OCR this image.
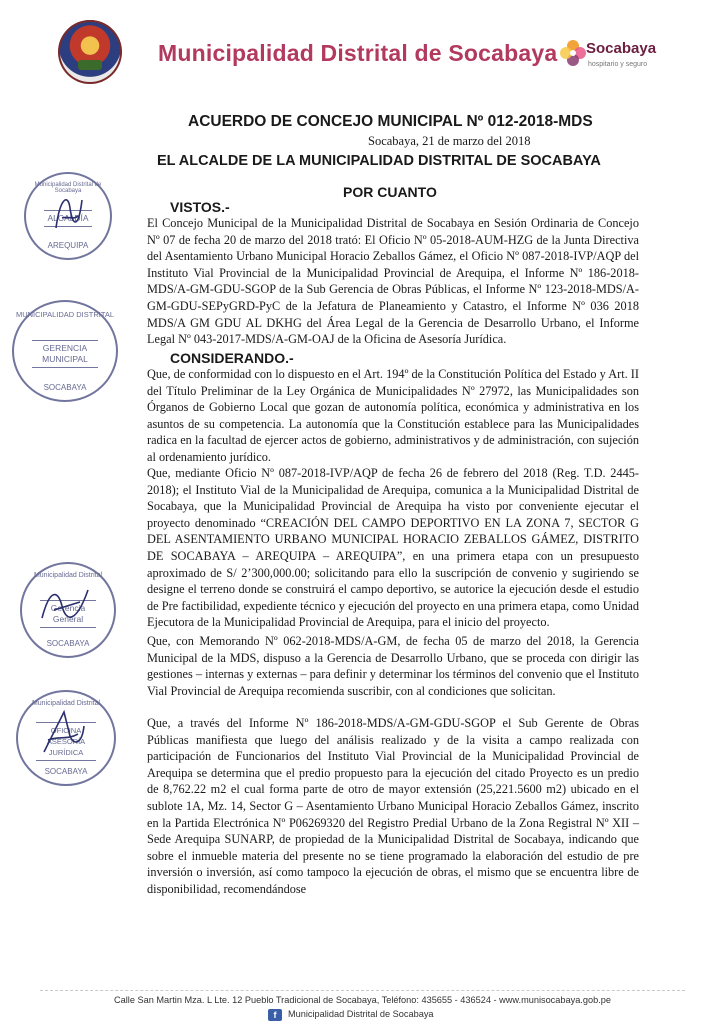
Municipalidad Distrital de Socabaya Socabaya
hospitario y seguro
ACUERDO DE CONCEJO MUNICIPAL Nº 012-2018-MDS
Socabaya, 21 de marzo del 2018
EL ALCALDE DE LA MUNICIPALIDAD DISTRITAL DE SOCABAYA
POR CUANTO
VISTOS.-
El Concejo Municipal de la Municipalidad Distrital de Socabaya en Sesión Ordinaria de Concejo Nº 07 de fecha 20 de marzo del 2018 trató: El Oficio Nº 05-2018-AUM-HZG de la Junta Directiva del Asentamiento Urbano Municipal Horacio Zeballos Gámez, el Oficio Nº 087-2018-IVP/AQP del Instituto Vial Provincial de la Municipalidad Provincial de Arequipa, el Informe Nº 186-2018-MDS/A-GM-GDU-SGOP de la Sub Gerencia de Obras Públicas, el Informe Nº 123-2018-MDS/A-GM-GDU-SEPyGRD-PyC de la Jefatura de Planeamiento y Catastro, el Informe Nº 036 2018 MDS/A GM GDU AL DKHG del Área Legal de la Gerencia de Desarrollo Urbano, el Informe Legal Nº 043-2017-MDS/A-GM-OAJ de la Oficina de Asesoría Jurídica.
CONSIDERANDO.-
Que, de conformidad con lo dispuesto en el Art. 194º de la Constitución Política del Estado y Art. II del Título Preliminar de la Ley Orgánica de Municipalidades Nº 27972, las Municipalidades son Órganos de Gobierno Local que gozan de autonomía política, económica y administrativa en los asuntos de su competencia. La autonomía que la Constitución establece para las Municipalidades radica en la facultad de ejercer actos de gobierno, administrativos y de administración, con sujeción al ordenamiento jurídico.
Que, mediante Oficio Nº 087-2018-IVP/AQP de fecha 26 de febrero del 2018 (Reg. T.D. 2445-2018); el Instituto Vial de la Municipalidad de Arequipa, comunica a la Municipalidad Distrital de Socabaya, que la Municipalidad Provincial de Arequipa ha visto por conveniente ejecutar el proyecto denominado “CREACIÓN DEL CAMPO DEPORTIVO EN LA ZONA 7, SECTOR G DEL ASENTAMIENTO URBANO MUNICIPAL HORACIO ZEBALLOS GÁMEZ, DISTRITO DE SOCABAYA – AREQUIPA – AREQUIPA”, en una primera etapa con un presupuesto aproximado de S/ 2’300,000.00; solicitando para ello la suscripción de convenio y sugiriendo se designe el terreno donde se construirá el campo deportivo, se autorice la ejecución desde el estudio de Pre factibilidad, expediente técnico y ejecución del proyecto en una primera etapa, como Unidad Ejecutora de la Municipalidad Provincial de Arequipa, para el inicio del proyecto.
Que, con Memorando Nº 062-2018-MDS/A-GM, de fecha 05 de marzo del 2018, la Gerencia Municipal de la MDS, dispuso a la Gerencia de Desarrollo Urbano, que se proceda con dirigir las gestiones – internas y externas – para definir y determinar los términos del convenio que el Instituto Vial Provincial de Arequipa recomienda suscribir, con al condiciones que solicitan.
Que, a través del Informe Nº 186-2018-MDS/A-GM-GDU-SGOP el Sub Gerente de Obras Públicas manifiesta que luego del análisis realizado y de la visita a campo realizada con participación de Funcionarios del Instituto Vial Provincial de la Municipalidad Provincial de Arequipa se determina que el predio propuesto para la ejecución del citado Proyecto es un predio de 8,762.22 m2 el cual forma parte de otro de mayor extensión (25,221.5600 m2) ubicado en el sublote 1A, Mz. 14, Sector G – Asentamiento Urbano Municipal Horacio Zeballos Gámez, inscrito en la Partida Electrónica Nº P06269320 del Registro Predial Urbano de la Zona Registral Nº XII – Sede Arequipa SUNARP, de propiedad de la Municipalidad Distrital de Socabaya, indicando que sobre el inmueble materia del presente no se tiene programado la elaboración del estudio de pre inversión o inversión, así como tampoco la ejecución de obras, el mismo que se encuentra libre de disponibilidad, recomendándose
Municipalidad Distrital de Socabaya
ALCALDÍA
AREQUIPA
MUNICIPALIDAD DISTRITAL
GERENCIA MUNICIPAL
SOCABAYA
Municipalidad Distrital
Gerencia General
SOCABAYA
Municipalidad Distrital
OFICINA ASESORÍA JURÍDICA
SOCABAYA
Calle San Martin Mza. L Lte. 12 Pueblo Tradicional de Socabaya, Teléfono: 435655 - 436524 - www.munisocabaya.gob.pe
f	Municipalidad Distrital de Socabaya
